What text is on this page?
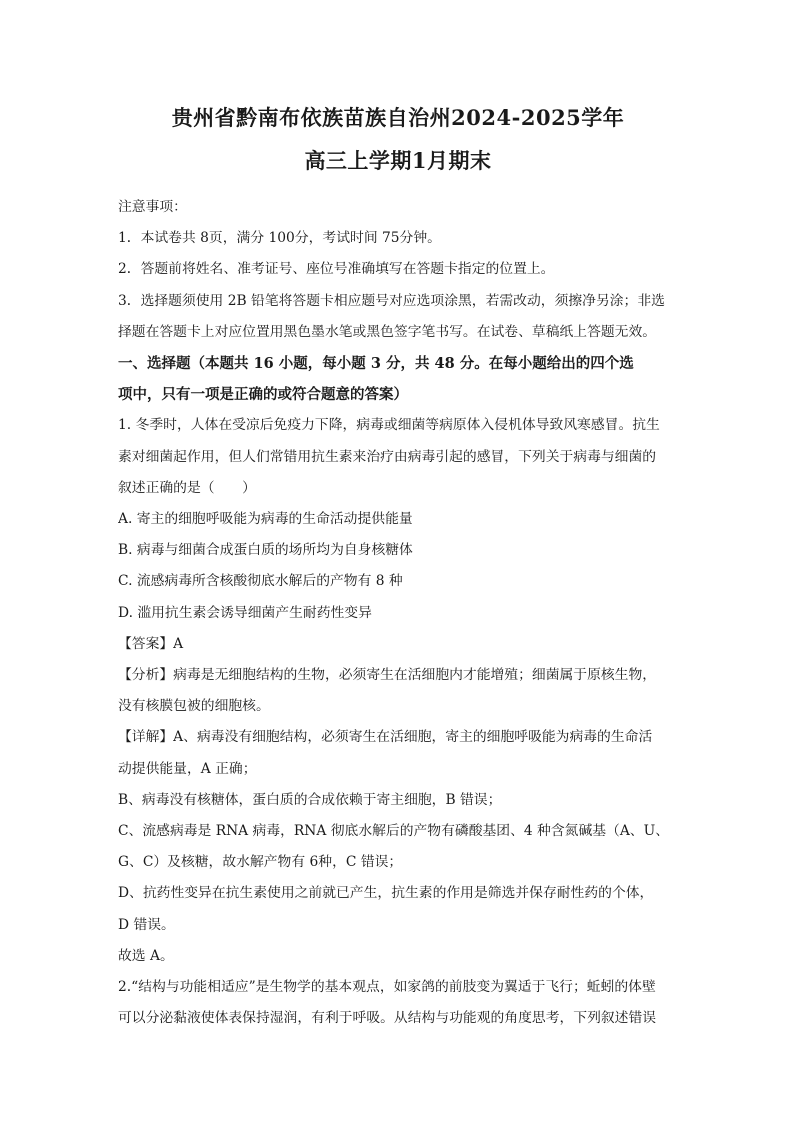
贵州省黔南布依族苗族自治州2024-2025学年
高三上学期1月期末
注意事项：
1．本试卷共 8页，满分 100分，考试时间 75分钟。
2．答题前将姓名、准考证号、座位号准确填写在答题卡指定的位置上。
3．选择题须使用 2B 铅笔将答题卡相应题号对应选项涂黑，若需改动，须擦净另涂；非选
择题在答题卡上对应位置用黑色墨水笔或黑色签字笔书写。在试卷、草稿纸上答题无效。
一、选择题（本题共 16 小题，每小题 3 分，共 48 分。在每小题给出的四个选
项中，只有一项是正确的或符合题意的答案）
1. 冬季时，人体在受凉后免疫力下降，病毒或细菌等病原体入侵机体导致风寒感冒。抗生
素对细菌起作用，但人们常错用抗生素来治疗由病毒引起的感冒，下列关于病毒与细菌的
叙述正确的是（　　）
A. 寄主的细胞呼吸能为病毒的生命活动提供能量
B. 病毒与细菌合成蛋白质的场所均为自身核糖体
C. 流感病毒所含核酸彻底水解后的产物有 8 种
D. 滥用抗生素会诱导细菌产生耐药性变异
【答案】A
【分析】病毒是无细胞结构的生物，必须寄生在活细胞内才能增殖；细菌属于原核生物，
没有核膜包被的细胞核。
【详解】A、病毒没有细胞结构，必须寄生在活细胞，寄主的细胞呼吸能为病毒的生命活
动提供能量，A 正确；
B、病毒没有核糖体，蛋白质的合成依赖于寄主细胞，B 错误；
C、流感病毒是 RNA 病毒，RNA 彻底水解后的产物有磷酸基团、4 种含氮碱基（A、U、
G、C）及核糖，故水解产物有 6种，C 错误；
D、抗药性变异在抗生素使用之前就已产生，抗生素的作用是筛选并保存耐性药的个体，
D 错误。
故选 A。
2.“结构与功能相适应”是生物学的基本观点，如家鸽的前肢变为翼适于飞行；蚯蚓的体壁
可以分泌黏液使体表保持湿润，有利于呼吸。从结构与功能观的角度思考，下列叙述错误
